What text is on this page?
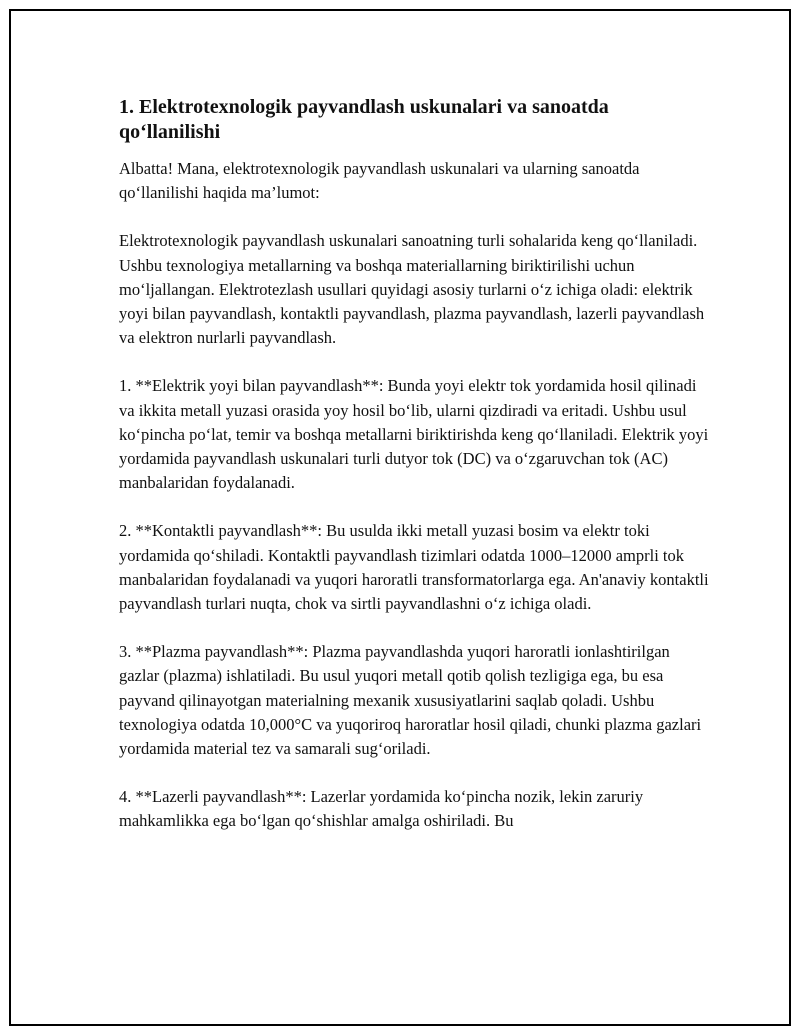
1. Elektrotexnologik payvandlash uskunalari va sanoatda qo‘llanilishi

Albatta! Mana, elektrotexnologik payvandlash uskunalari va ularning sanoatda qo‘llanilishi haqida ma’lumot:

Elektrotexnologik payvandlash uskunalari sanoatning turli sohalarida keng qo‘llaniladi. Ushbu texnologiya metallarning va boshqa materiallarning biriktirilishi uchun mo‘ljallangan. Elektrotezlash usullari quyidagi asosiy turlarni o‘z ichiga oladi: elektrik yoyi bilan payvandlash, kontaktli payvandlash, plazma payvandlash, lazerli payvandlash va elektron nurlarli payvandlash.

1. **Elektrik yoyi bilan payvandlash**: Bunda yoyi elektr tok yordamida hosil qilinadi va ikkita metall yuzasi orasida yoy hosil bo‘lib, ularni qizdiradi va eritadi. Ushbu usul ko‘pincha po‘lat, temir va boshqa metallarni biriktirishda keng qo‘llaniladi. Elektrik yoyi yordamida payvandlash uskunalari turli dutyor tok (DC) va o‘zgaruvchan tok (AC) manbalaridan foydalanadi.

2. **Kontaktli payvandlash**: Bu usulda ikki metall yuzasi bosim va elektr toki yordamida qo‘shiladi. Kontaktli payvandlash tizimlari odatda 1000–12000 amprli tok manbalaridan foydalanadi va yuqori haroratli transformatorlarga ega. An'anaviy kontaktli payvandlash turlari nuqta, chok va sirtli payvandlashni o‘z ichiga oladi.

3. **Plazma payvandlash**: Plazma payvandlashda yuqori haroratli ionlashtirilgan gazlar (plazma) ishlatiladi. Bu usul yuqori metall qotib qolish tezligiga ega, bu esa payvand qilinayotgan materialning mexanik xususiyatlarini saqlab qoladi. Ushbu texnologiya odatda 10,000°C va yuqoriroq haroratlar hosil qiladi, chunki plazma gazlari yordamida material tez va samarali sug‘oriladi.

4. **Lazerli payvandlash**: Lazerlar yordamida ko‘pincha nozik, lekin zaruriy mahkamlikka ega bo‘lgan qo‘shishlar amalga oshiriladi. Bu
